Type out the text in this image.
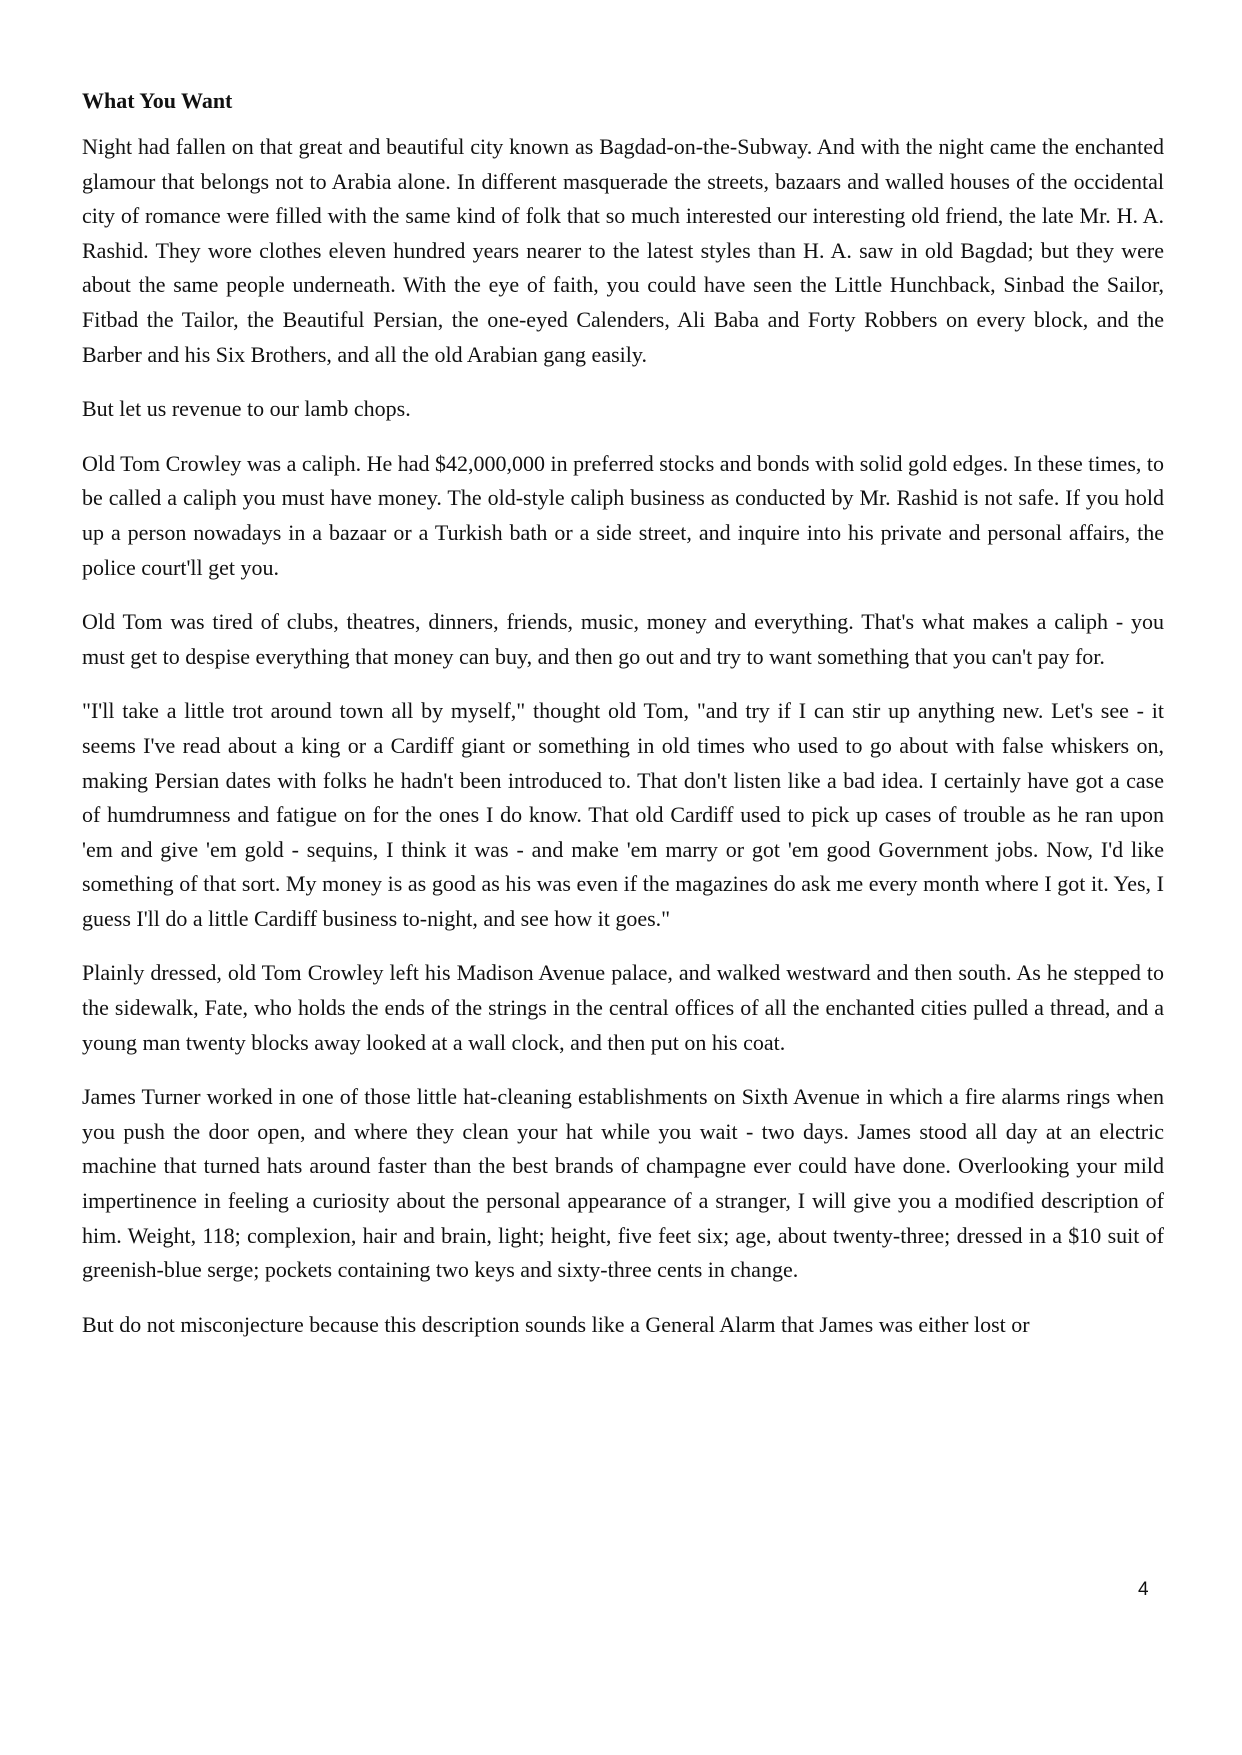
What You Want

Night had fallen on that great and beautiful city known as Bagdad-on-the-Subway. And with the night came the enchanted glamour that belongs not to Arabia alone. In different masquerade the streets, bazaars and walled houses of the occidental city of romance were filled with the same kind of folk that so much interested our interesting old friend, the late Mr. H. A. Rashid. They wore clothes eleven hundred years nearer to the latest styles than H. A. saw in old Bagdad; but they were about the same people underneath. With the eye of faith, you could have seen the Little Hunchback, Sinbad the Sailor, Fitbad the Tailor, the Beautiful Persian, the one-eyed Calenders, Ali Baba and Forty Robbers on every block, and the Barber and his Six Brothers, and all the old Arabian gang easily.

But let us revenue to our lamb chops.

Old Tom Crowley was a caliph. He had $42,000,000 in preferred stocks and bonds with solid gold edges. In these times, to be called a caliph you must have money. The old-style caliph business as conducted by Mr. Rashid is not safe. If you hold up a person nowadays in a bazaar or a Turkish bath or a side street, and inquire into his private and personal affairs, the police court'll get you.

Old Tom was tired of clubs, theatres, dinners, friends, music, money and everything. That's what makes a caliph - you must get to despise everything that money can buy, and then go out and try to want something that you can't pay for.

"I'll take a little trot around town all by myself," thought old Tom, "and try if I can stir up anything new. Let's see - it seems I've read about a king or a Cardiff giant or something in old times who used to go about with false whiskers on, making Persian dates with folks he hadn't been introduced to. That don't listen like a bad idea. I certainly have got a case of humdrumness and fatigue on for the ones I do know. That old Cardiff used to pick up cases of trouble as he ran upon 'em and give 'em gold - sequins, I think it was - and make 'em marry or got 'em good Government jobs. Now, I'd like something of that sort. My money is as good as his was even if the magazines do ask me every month where I got it. Yes, I guess I'll do a little Cardiff business to-night, and see how it goes."

Plainly dressed, old Tom Crowley left his Madison Avenue palace, and walked westward and then south. As he stepped to the sidewalk, Fate, who holds the ends of the strings in the central offices of all the enchanted cities pulled a thread, and a young man twenty blocks away looked at a wall clock, and then put on his coat.

James Turner worked in one of those little hat-cleaning establishments on Sixth Avenue in which a fire alarms rings when you push the door open, and where they clean your hat while you wait - two days. James stood all day at an electric machine that turned hats around faster than the best brands of champagne ever could have done. Overlooking your mild impertinence in feeling a curiosity about the personal appearance of a stranger, I will give you a modified description of him. Weight, 118; complexion, hair and brain, light; height, five feet six; age, about twenty-three; dressed in a $10 suit of greenish-blue serge; pockets containing two keys and sixty-three cents in change.

But do not misconjecture because this description sounds like a General Alarm that James was either lost or

4
